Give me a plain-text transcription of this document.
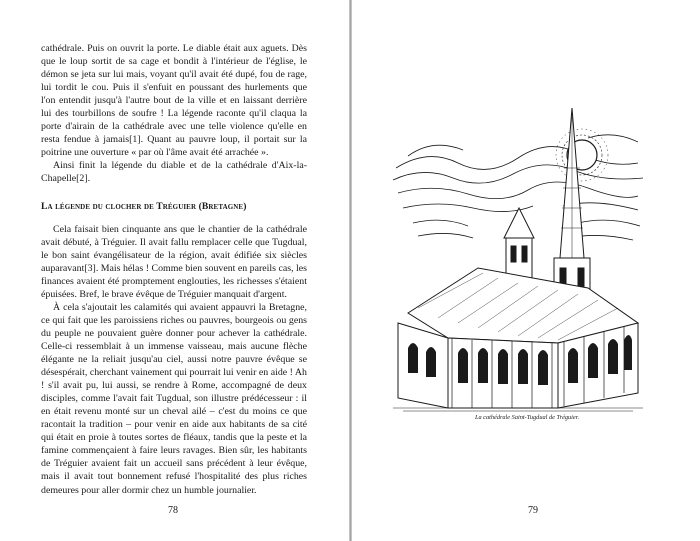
cathédrale. Puis on ouvrit la porte. Le diable était aux aguets. Dès que le loup sortit de sa cage et bondit à l'intérieur de l'église, le démon se jeta sur lui mais, voyant qu'il avait été dupé, fou de rage, lui tordit le cou. Puis il s'enfuit en poussant des hurlements que l'on entendit jusqu'à l'autre bout de la ville et en laissant derrière lui des tourbillons de soufre ! La légende raconte qu'il claqua la porte d'airain de la cathédrale avec une telle violence qu'elle en resta fendue à jamais[1]. Quant au pauvre loup, il portait sur la poitrine une ouverture « par où l'âme avait été arrachée ».

Ainsi finit la légende du diable et de la cathédrale d'Aix-la-Chapelle[2].

La légende du clocher de Tréguier (Bretagne)

Cela faisait bien cinquante ans que le chantier de la cathédrale avait débuté, à Tréguier. Il avait fallu remplacer celle que Tugdual, le bon saint évangélisateur de la région, avait édifiée six siècles auparavant[3]. Mais hélas ! Comme bien souvent en pareils cas, les finances avaient été promptement englouties, les richesses s'étaient épuisées. Bref, le brave évêque de Tréguier manquait d'argent.

À cela s'ajoutait les calamités qui avaient appauvri la Bretagne, ce qui fait que les paroissiens riches ou pauvres, bourgeois ou gens du peuple ne pouvaient guère donner pour achever la cathédrale. Celle-ci ressemblait à un immense vaisseau, mais aucune flèche élégante ne la reliait jusqu'au ciel, aussi notre pauvre évêque se désespérait, cherchant vainement qui pourrait lui venir en aide ! Ah ! s'il avait pu, lui aussi, se rendre à Rome, accompagné de deux disciples, comme l'avait fait Tugdual, son illustre prédécesseur : il en était revenu monté sur un cheval ailé – c'est du moins ce que racontait la tradition – pour venir en aide aux habitants de sa cité qui était en proie à toutes sortes de fléaux, tandis que la peste et la famine commençaient à faire leurs ravages. Bien sûr, les habitants de Tréguier avaient fait un accueil sans précédent à leur évêque, mais il avait tout bonnement refusé l'hospitalité des plus riches demeures pour aller dormir chez un humble journalier.

78
La cathédrale Saint-Tugdual de Tréguier.
79
